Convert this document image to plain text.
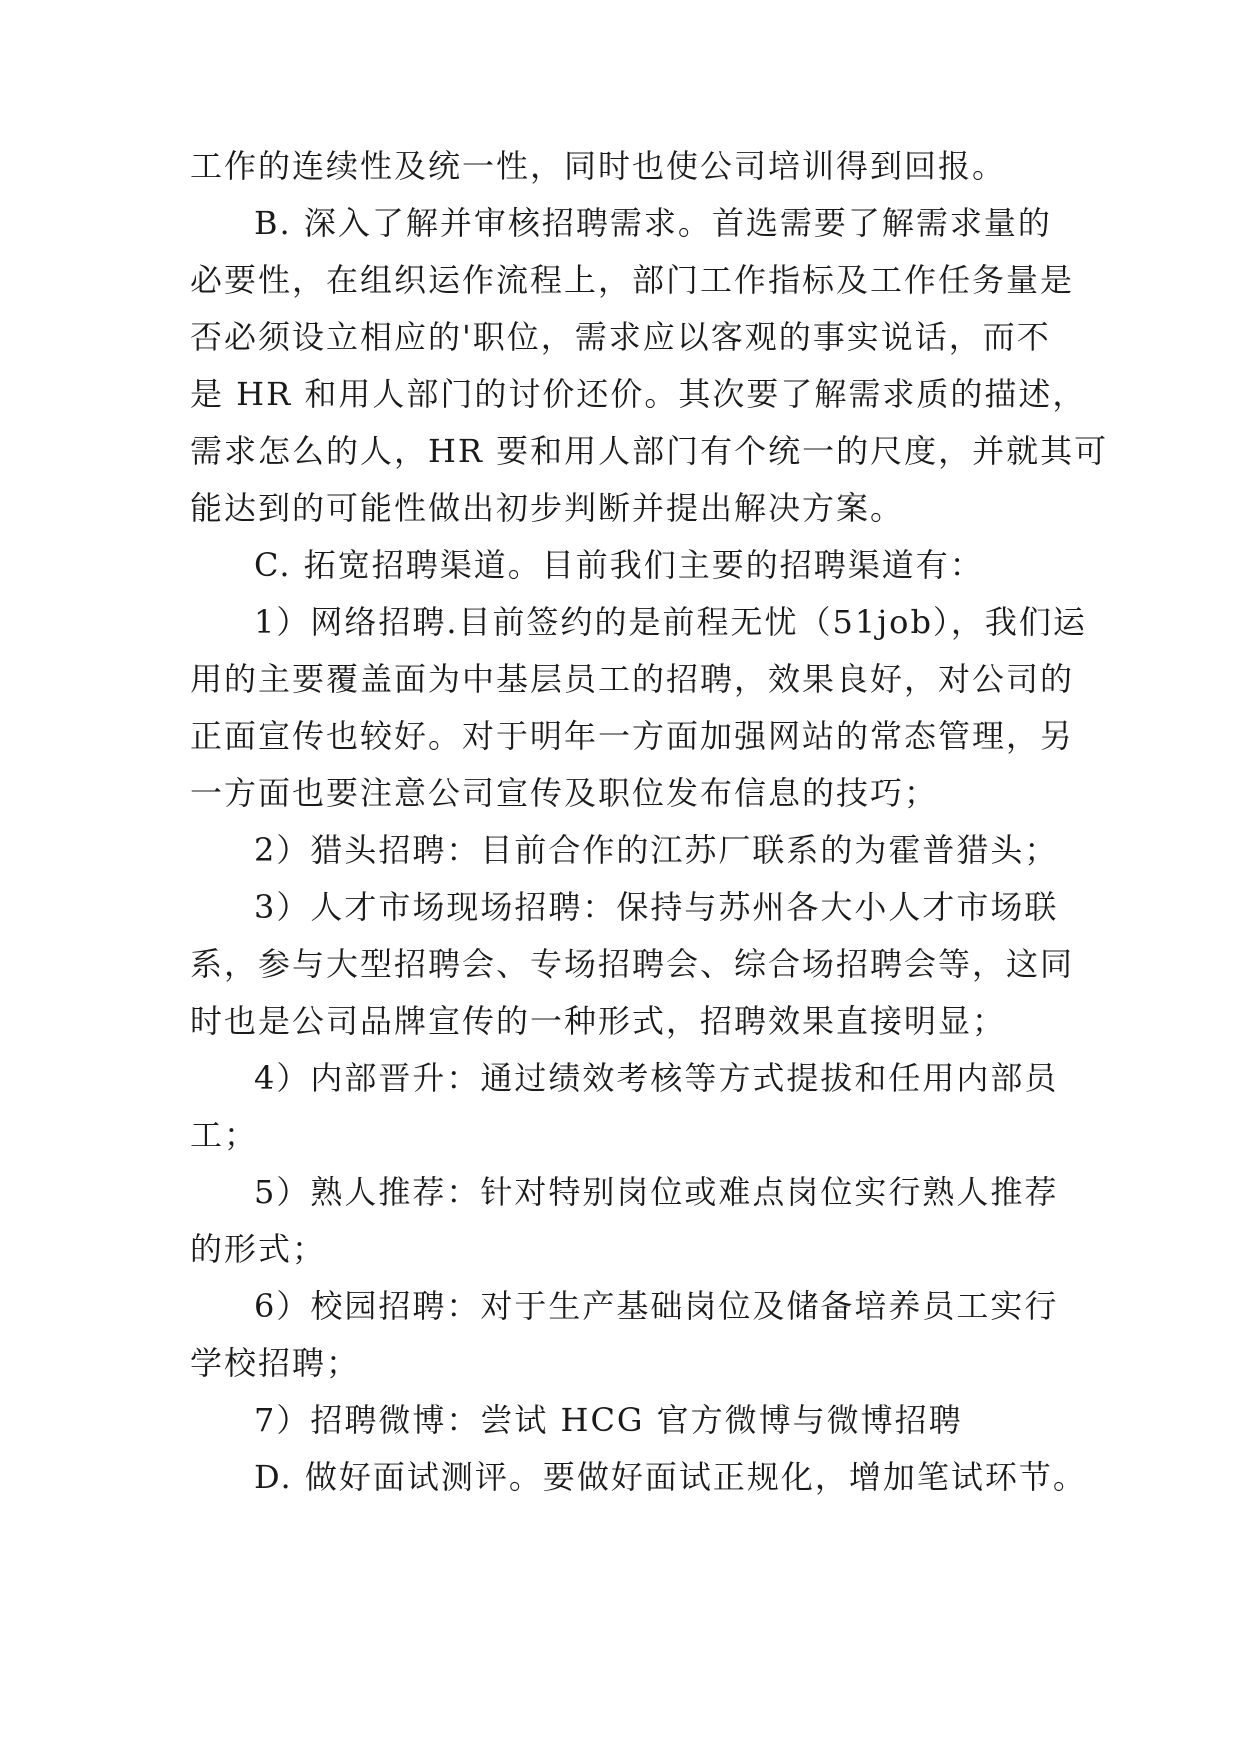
工作的连续性及统一性，同时也使公司培训得到回报。
B. 深入了解并审核招聘需求。首选需要了解需求量的
必要性，在组织运作流程上，部门工作指标及工作任务量是
否必须设立相应的'职位，需求应以客观的事实说话，而不
是 HR 和用人部门的讨价还价。其次要了解需求质的描述，
需求怎么的人，HR 要和用人部门有个统一的尺度，并就其可
能达到的可能性做出初步判断并提出解决方案。
C. 拓宽招聘渠道。目前我们主要的招聘渠道有：
1）网络招聘.目前签约的是前程无忧（51job），我们运
用的主要覆盖面为中基层员工的招聘，效果良好，对公司的
正面宣传也较好。对于明年一方面加强网站的常态管理，另
一方面也要注意公司宣传及职位发布信息的技巧；
2）猎头招聘：目前合作的江苏厂联系的为霍普猎头；
3）人才市场现场招聘：保持与苏州各大小人才市场联
系，参与大型招聘会、专场招聘会、综合场招聘会等，这同
时也是公司品牌宣传的一种形式，招聘效果直接明显；
4）内部晋升：通过绩效考核等方式提拔和任用内部员
工；
5）熟人推荐：针对特别岗位或难点岗位实行熟人推荐
的形式；
6）校园招聘：对于生产基础岗位及储备培养员工实行
学校招聘；
7）招聘微博：尝试 HCG 官方微博与微博招聘
D. 做好面试测评。要做好面试正规化，增加笔试环节。
